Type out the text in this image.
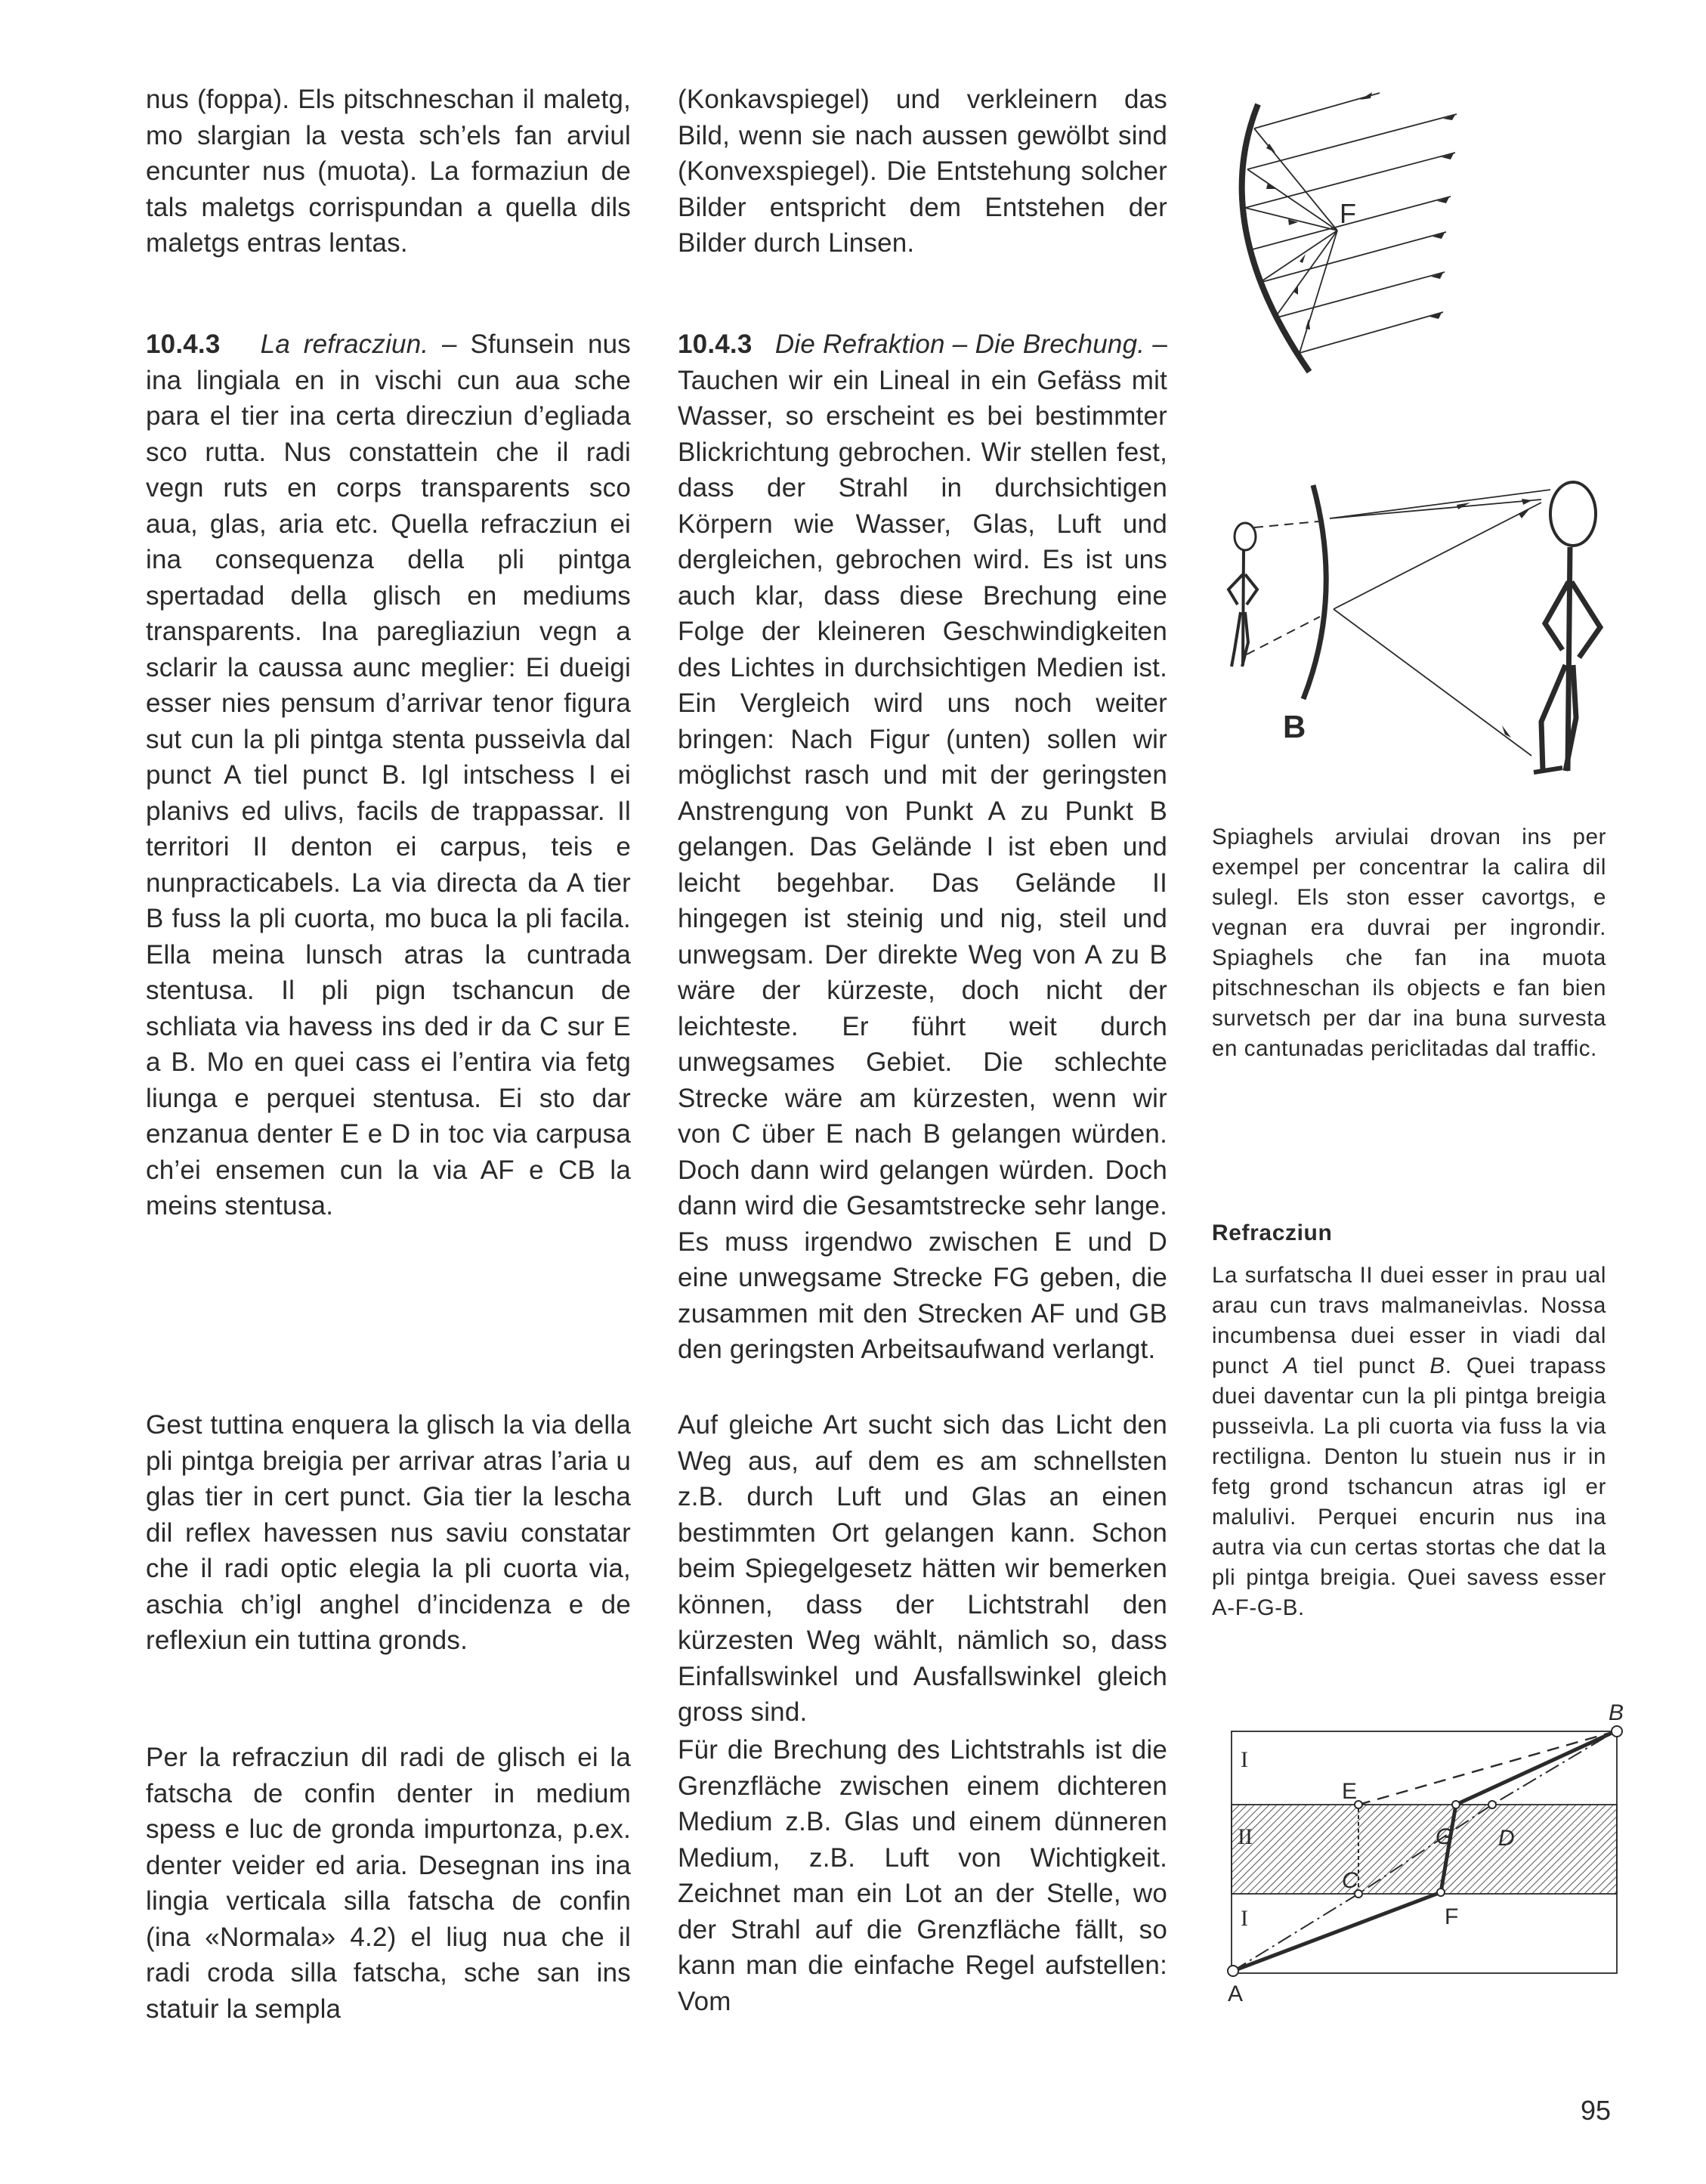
nus (foppa). Els pitschneschan il maletg, mo slargian la vesta sch’els fan arviul encunter nus (muota). La formaziun de tals maletgs corrispundan a quella dils maletgs entras lentas.

10.4.3 La refracziun. – Sfunsein nus ina lingiala en in vischi cun aua sche para el tier ina certa direcziun d’egliada sco rutta. Nus constattein che il radi vegn ruts en corps transparents sco aua, glas, aria etc. Quella refracziun ei ina consequenza della pli pintga spertadad della glisch en mediums transparents. Ina paregliaziun vegn a sclarir la caussa aunc meglier: Ei dueigi esser nies pensum d’arrivar tenor figura sut cun la pli pintga stenta pusseivla dal punct A tiel punct B. Igl intschess I ei planivs ed ulivs, facils de trappassar. Il territori II denton ei carpus, teis e nunpracticabels. La via directa da A tier B fuss la pli cuorta, mo buca la pli facila. Ella meina lunsch atras la cuntrada stentusa. Il pli pign tschancun de schliata via havess ins ded ir da C sur E a B. Mo en quei cass ei l’entira via fetg liunga e perquei stentusa. Ei sto dar enzanua denter E e D in toc via carpusa ch’ei ensemen cun la via AF e CB la meins stentusa.

Gest tuttina enquera la glisch la via della pli pintga breigia per arrivar atras l’aria u glas tier in cert punct. Gia tier la lescha dil reflex havessen nus saviu constatar che il radi optic elegia la pli cuorta via, aschia ch’igl anghel d’incidenza e de reflexiun ein tuttina gronds.

Per la refracziun dil radi de glisch ei la fatscha de confin denter in medium spess e luc de gronda impurtonza, p.ex. denter veider ed aria. Desegnan ins ina lingia verticala silla fatscha de confin (ina «Normala» 4.2) el liug nua che il radi croda silla fatscha, sche san ins statuir la sempla

(Konkavspiegel) und verkleinern das Bild, wenn sie nach aussen gewölbt sind (Konvexspiegel). Die Entstehung solcher Bilder entspricht dem Entstehen der Bilder durch Linsen.

10.4.3 Die Refraktion – Die Brechung. – Tauchen wir ein Lineal in ein Gefäss mit Wasser, so erscheint es bei bestimmter Blickrichtung gebrochen. Wir stellen fest, dass der Strahl in durchsichtigen Körpern wie Wasser, Glas, Luft und dergleichen, gebrochen wird. Es ist uns auch klar, dass diese Brechung eine Folge der kleineren Geschwindigkeiten des Lichtes in durchsichtigen Medien ist. Ein Vergleich wird uns noch weiter bringen: Nach Figur (unten) sollen wir möglichst rasch und mit der geringsten Anstrengung von Punkt A zu Punkt B gelangen. Das Gelände I ist eben und leicht begehbar. Das Gelände II hingegen ist steinig und nig, steil und unwegsam. Der direkte Weg von A zu B wäre der kürzeste, doch nicht der leichteste. Er führt weit durch unwegsames Gebiet. Die schlechte Strecke wäre am kürzesten, wenn wir von C über E nach B gelangen würden. Doch dann wird gelangen würden. Doch dann wird die Gesamtstrecke sehr lange. Es muss irgendwo zwischen E und D eine unwegsame Strecke FG geben, die zusammen mit den Strecken AF und GB den geringsten Arbeitsaufwand verlangt.

Auf gleiche Art sucht sich das Licht den Weg aus, auf dem es am schnellsten z.B. durch Luft und Glas an einen bestimmten Ort gelangen kann. Schon beim Spiegelgesetz hätten wir bemerken können, dass der Lichtstrahl den kürzesten Weg wählt, nämlich so, dass Einfallswinkel und Ausfallswinkel gleich gross sind.

Für die Brechung des Lichtstrahls ist die Grenzfläche zwischen einem dichteren Medium z.B. Glas und einem dünneren Medium, z.B. Luft von Wichtigkeit. Zeichnet man ein Lot an der Stelle, wo der Strahl auf die Grenzfläche fällt, so kann man die einfache Regel aufstellen: Vom

F
B

Spiaghels arviulai drovan ins per exempel per concentrar la calira dil sulegl. Els ston esser cavortgs, e vegnan era duvrai per ingrondir. Spiaghels che fan ina muota pitschneschan ils objects e fan bien survetsch per dar ina buna survesta en cantunadas periclitadas dal traffic.

Refracziun

La surfatscha II duei esser in prau ual arau cun travs malmaneivlas. Nossa incumbensa duei esser in viadi dal punct A tiel punct B. Quei trapass duei daventar cun la pli pintga breigia pusseivla. La pli cuorta via fuss la via rectiligna. Denton lu stuein nus ir in fetg grond tschancun atras igl er malulivi. Perquei encurin nus ina autra via cun certas stortas che dat la pli pintga breigia. Quei savess esser A-F-G-B.

A
B
C
D
E
F
G
I
II
I
95
